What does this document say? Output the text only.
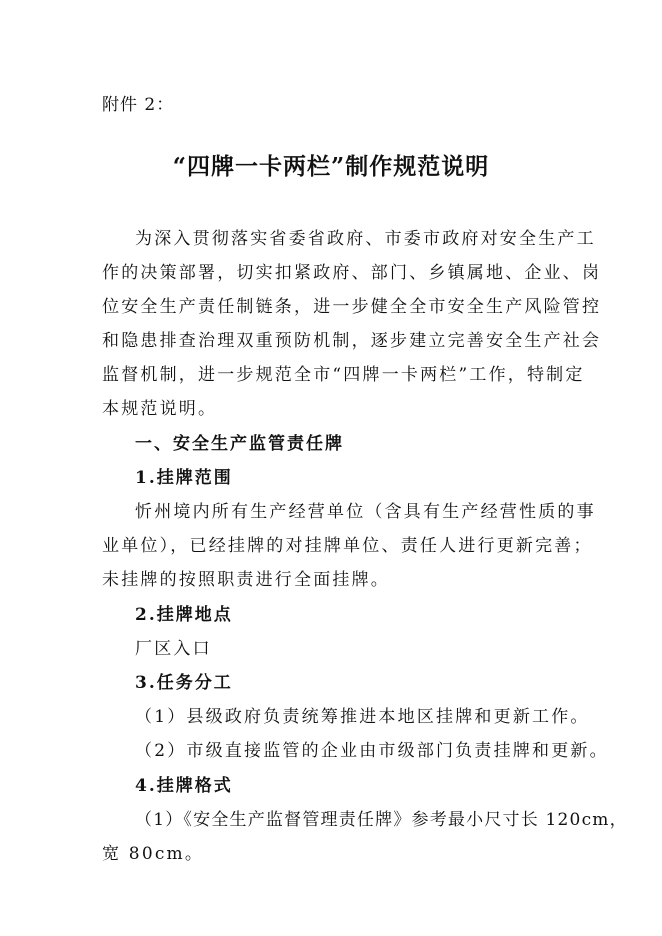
附件 2：
“四牌一卡两栏”制作规范说明
为深入贯彻落实省委省政府、市委市政府对安全生产工
作的决策部署，切实扣紧政府、部门、乡镇属地、企业、岗
位安全生产责任制链条，进一步健全全市安全生产风险管控
和隐患排查治理双重预防机制，逐步建立完善安全生产社会
监督机制，进一步规范全市“四牌一卡两栏”工作，特制定
本规范说明。
一、安全生产监管责任牌
1.挂牌范围
忻州境内所有生产经营单位（含具有生产经营性质的事
业单位），已经挂牌的对挂牌单位、责任人进行更新完善；
未挂牌的按照职责进行全面挂牌。
2.挂牌地点
厂区入口
3.任务分工
（1）县级政府负责统筹推进本地区挂牌和更新工作。
（2）市级直接监管的企业由市级部门负责挂牌和更新。
4.挂牌格式
（1）《安全生产监督管理责任牌》参考最小尺寸长 120cm，
宽 80cm。
